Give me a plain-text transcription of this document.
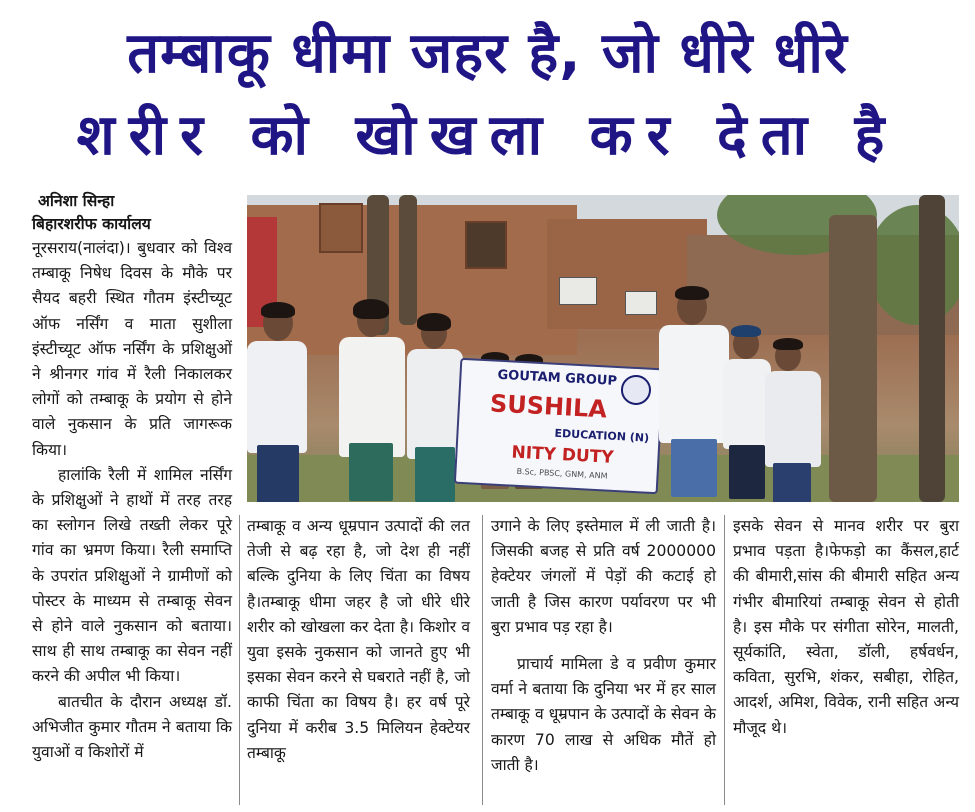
तम्बाकू धीमा जहर है, जो धीरे धीरे
शरीर को खोखला कर देता है
अनिशा सिन्हा
बिहारशरीफ कार्यालय

नूरसराय(नालंदा)। बुधवार को विश्व तम्बाकू निषेध दिवस के मौके पर सैयद बहरी स्थित गौतम इंस्टीच्यूट ऑफ नर्सिंग व माता सुशीला इंस्टीच्यूट ऑफ नर्सिंग के प्रशिक्षुओं ने श्रीनगर गांव में रैली निकालकर लोगों को तम्बाकू के प्रयोग से होने वाले नुकसान के प्रति जागरूक किया।

हालांकि रैली में शामिल नर्सिंग के प्रशिक्षुओं ने हाथों में तरह तरह का स्लोगन लिखे तख्ती लेकर पूरे गांव का भ्रमण किया। रैली समाप्ति के उपरांत प्रशिक्षुओं ने ग्रामीणों को पोस्टर के माध्यम से तम्बाकू सेवन से होने वाले नुकसान को बताया। साथ ही साथ तम्बाकू का सेवन नहीं करने की अपील भी किया।

बातचीत के दौरान अध्यक्ष डॉ. अभिजीत कुमार गौतम ने बताया कि युवाओं व किशोरों में

GOUTAM GROUP
SUSHILA
EDUCATION (N)
NITY DUTY
B.Sc, PBSC, GNM, ANM

तम्बाकू व अन्य धूम्रपान उत्पादों की लत तेजी से बढ़ रहा है, जो देश ही नहीं बल्कि दुनिया के लिए चिंता का विषय है।तम्बाकू धीमा जहर है जो धीरे धीरे शरीर को खोखला कर देता है। किशोर व युवा इसके नुकसान को जानते हुए भी इसका सेवन करने से घबराते नहीं है, जो काफी चिंता का विषय है। हर वर्ष पूरे दुनिया में करीब 3.5 मिलियन हेक्टेयर तम्बाकू

उगाने के लिए इस्तेमाल में ली जाती है। जिसकी बजह से प्रति वर्ष 2000000 हेक्टेयर जंगलों में पेड़ों की कटाई हो जाती है जिस कारण पर्यावरण पर भी बुरा प्रभाव पड़ रहा है।

प्राचार्य मामिला डे व प्रवीण कुमार वर्मा ने बताया कि दुनिया भर में हर साल तम्बाकू व धूम्रपान के उत्पादों के सेवन के कारण 70 लाख से अधिक मौतें हो जाती है।

इसके सेवन से मानव शरीर पर बुरा प्रभाव पड़ता है।फेफड़ो का कैंसल,हार्ट की बीमारी,सांस की बीमारी सहित अन्य गंभीर बीमारियां तम्बाकू सेवन से होती है। इस मौके पर संगीता सोरेन, मालती, सूर्यकांति, स्वेता, डॉली, हर्षवर्धन, कविता, सुरभि, शंकर, सबीहा, रोहित, आदर्श, अमिश, विवेक, रानी सहित अन्य मौजूद थे।
